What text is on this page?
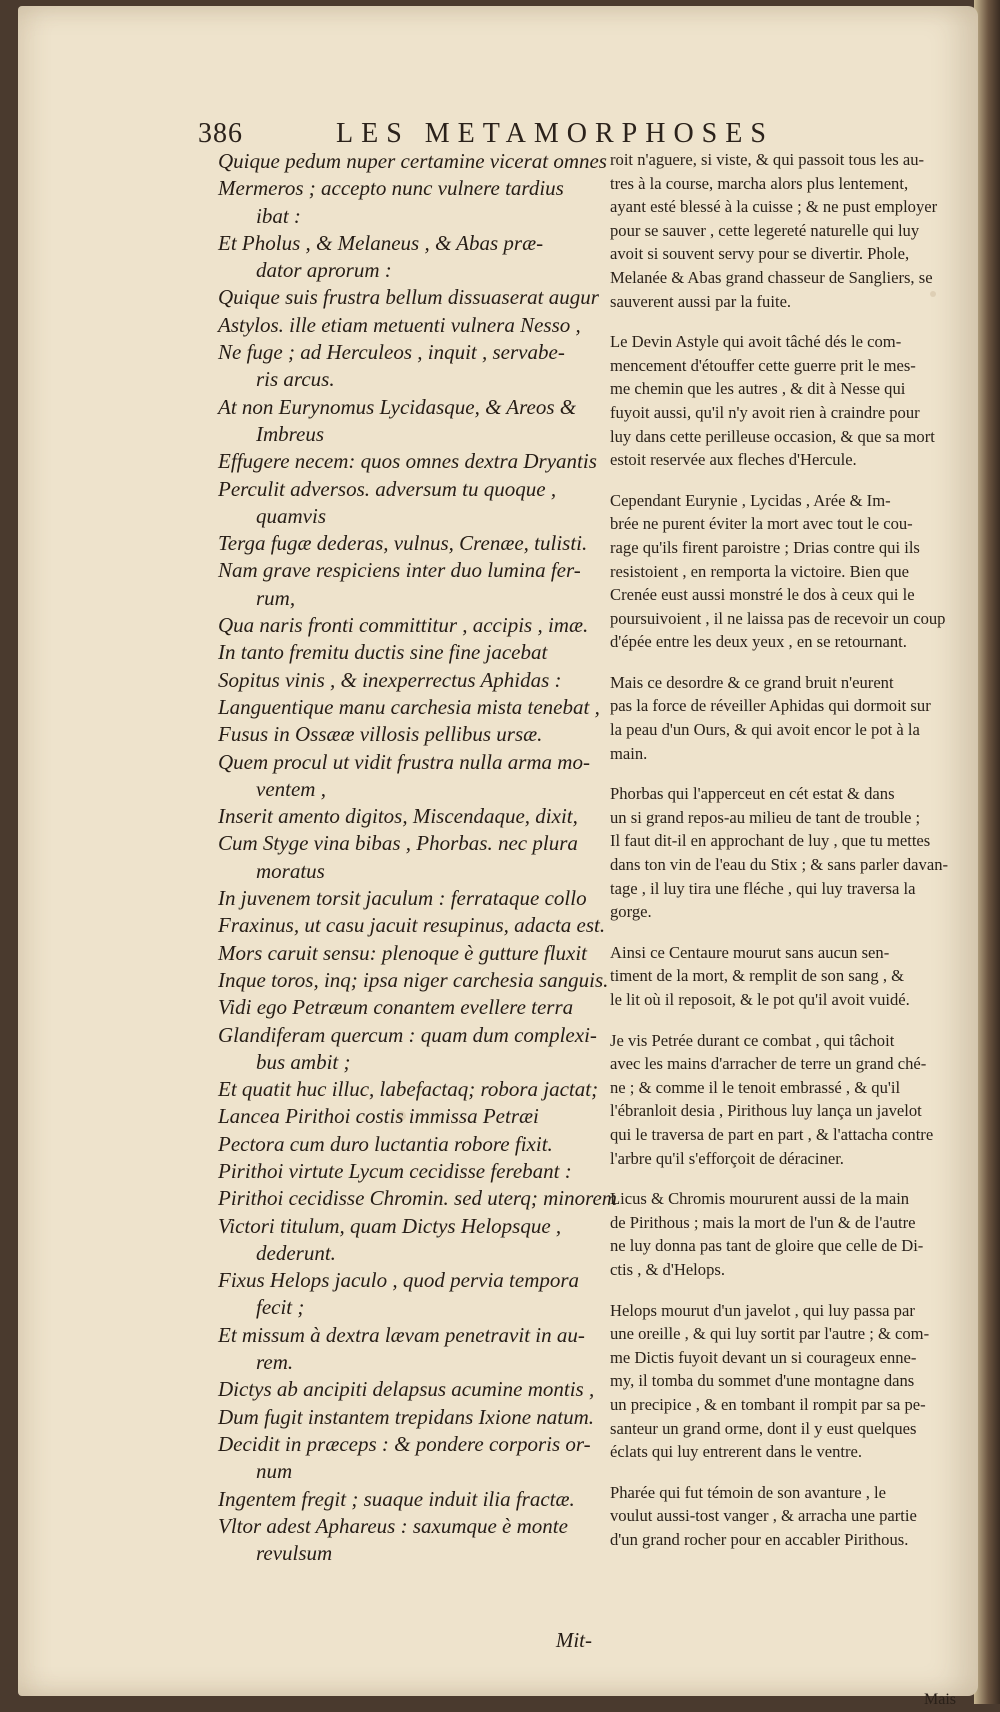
386	LES METAMORPHOSES
Quique pedum nuper certamine vicerat omnes
Mermeros ; accepto nunc vulnere tardius
ibat :
Et Pholus , & Melaneus , & Abas præ-
dator aprorum :
Quique suis frustra bellum dissuaserat augur
Astylos. ille etiam metuenti vulnera Nesso ,
Ne fuge ; ad Herculeos , inquit , servabe-
ris arcus.
At non Eurynomus Lycidasque, & Areos &
Imbreus
Effugere necem: quos omnes dextra Dryantis
Perculit adversos. adversum tu quoque ,
quamvis
Terga fugæ dederas, vulnus, Crenæe, tulisti.
Nam grave respiciens inter duo lumina fer-
rum,
Qua naris fronti committitur , accipis , imæ.
In tanto fremitu ductis sine fine jacebat
Sopitus vinis , & inexperrectus Aphidas :
Languentique manu carchesia mista tenebat ,
Fusus in Ossææ villosis pellibus ursæ.
Quem procul ut vidit frustra nulla arma mo-
ventem ,
Inserit amento digitos, Miscendaque, dixit,
Cum Styge vina bibas , Phorbas. nec plura
moratus
In juvenem torsit jaculum : ferrataque collo
Fraxinus, ut casu jacuit resupinus, adacta est.
Mors caruit sensu: plenoque è gutture fluxit
Inque toros, inq; ipsa niger carchesia sanguis.
Vidi ego Petræum conantem evellere terra
Glandiferam quercum : quam dum complexi-
bus ambit ;
Et quatit huc illuc, labefactaq; robora jactat;
Lancea Pirithoi costis immissa Petræi
Pectora cum duro luctantia robore fixit.
Pirithoi virtute Lycum cecidisse ferebant :
Pirithoi cecidisse Chromin. sed uterq; minorem
Victori titulum, quam Dictys Helopsque ,
dederunt.
Fixus Helops jaculo , quod pervia tempora
fecit ;
Et missum à dextra lævam penetravit in au-
rem.
Dictys ab ancipiti delapsus acumine montis ,
Dum fugit instantem trepidans Ixione natum.
Decidit in præceps : & pondere corporis or-
num
Ingentem fregit ; suaque induit ilia fractæ.
Vltor adest Aphareus : saxumque è monte
revulsum
Mit-
roit n'aguere, si viste, & qui passoit tous les au-
tres à la course, marcha alors plus lentement,
ayant esté blessé à la cuisse ; & ne pust employer
pour se sauver , cette legereté naturelle qui luy
avoit si souvent servy pour se divertir. Phole,
Melanée & Abas grand chasseur de Sangliers, se
sauverent aussi par la fuite.
Le Devin Astyle qui avoit tâché dés le com-
mencement d'étouffer cette guerre prit le mes-
me chemin que les autres , & dit à Nesse qui
fuyoit aussi, qu'il n'y avoit rien à craindre pour
luy dans cette perilleuse occasion, & que sa mort
estoit reservée aux fleches d'Hercule.
Cependant Eurynie , Lycidas , Arée & Im-
brée ne purent éviter la mort avec tout le cou-
rage qu'ils firent paroistre ; Drias contre qui ils
resistoient , en remporta la victoire. Bien que
Crenée eust aussi monstré le dos à ceux qui le
poursuivoient , il ne laissa pas de recevoir un coup
d'épée entre les deux yeux , en se retournant.
Mais ce desordre & ce grand bruit n'eurent
pas la force de réveiller Aphidas qui dormoit sur
la peau d'un Ours, & qui avoit encor le pot à la
main.
Phorbas qui l'apperceut en cét estat & dans
un si grand repos-au milieu de tant de trouble ;
Il faut dit-il en approchant de luy , que tu mettes
dans ton vin de l'eau du Stix ; & sans parler davan-
tage , il luy tira une fléche , qui luy traversa la
gorge.
Ainsi ce Centaure mourut sans aucun sen-
timent de la mort, & remplit de son sang , &
le lit où il reposoit, & le pot qu'il avoit vuidé.
Je vis Petrée durant ce combat , qui tâchoit
avec les mains d'arracher de terre un grand ché-
ne ; & comme il le tenoit embrassé , & qu'il
l'ébranloit desia , Pirithous luy lança un javelot
qui le traversa de part en part , & l'attacha contre
l'arbre qu'il s'efforçoit de déraciner.
Licus & Chromis moururent aussi de la main
de Pirithous ; mais la mort de l'un & de l'autre
ne luy donna pas tant de gloire que celle de Di-
ctis , & d'Helops.
Helops mourut d'un javelot , qui luy passa par
une oreille , & qui luy sortit par l'autre ; & com-
me Dictis fuyoit devant un si courageux enne-
my, il tomba du sommet d'une montagne dans
un precipice , & en tombant il rompit par sa pe-
santeur un grand orme, dont il y eust quelques
éclats qui luy entrerent dans le ventre.
Pharée qui fut témoin de son avanture , le
voulut aussi-tost vanger , & arracha une partie
d'un grand rocher pour en accabler Pirithous.
Mais
